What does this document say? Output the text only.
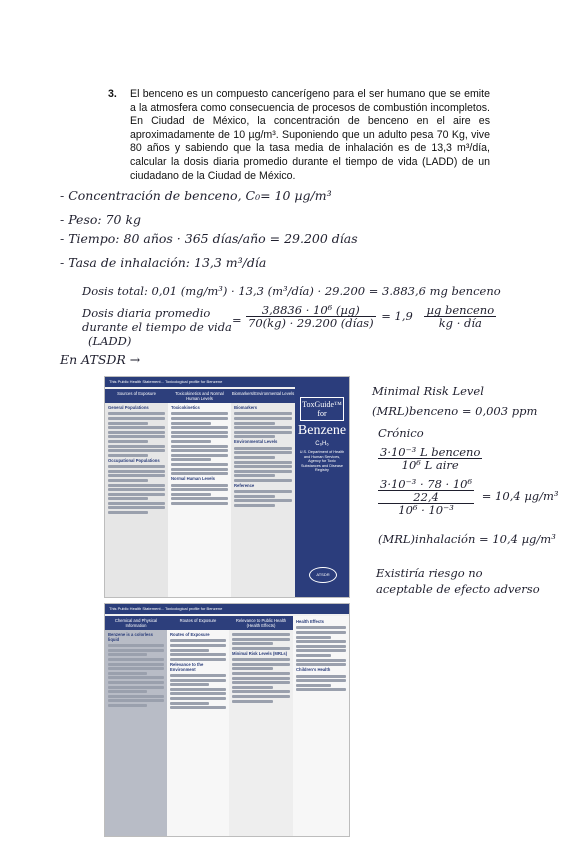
3. El benceno es un compuesto cancerígeno para el ser humano que se emite a la atmosfera como consecuencia de procesos de combustión incompletos. En Ciudad de México, la concentración de benceno en el aire es aproximadamente de 10 µg/m³. Suponiendo que un adulto pesa 70 Kg, vive 80 años y sabiendo que la tasa media de inhalación es de 13,3 m³/día, calcular la dosis diaria promedio durante el tiempo de vida (LADD) de un ciudadano de la Ciudad de México.
- Concentración de benceno, C₀= 10 µg/m³
- Peso: 70 kg
- Tiempo: 80 años · 365 días/año = 29.200 días
- Tasa de inhalación: 13,3 m³/día
Dosis total: 0,01 (mg/m³) · 13,3 (m³/día) · 29.200 = 3.883,6 mg benceno
Dosis diaria promedio
durante el tiempo de vida
(LADD)
= $\frac{\text{3,8836 · 10⁶ (µg)}}{\text{70(kg) · 29.200 (días)}} = 1,9 \frac{\text{µg benceno}}{\text{kg · día}}$
En ATSDR →
This Public Health Statement... Toxicological profile for Benzene
Sources of Exposure
General Populations
Occupational Populations
Toxicokinetics and Normal Human Levels
Toxicokinetics
Normal Human Levels
Biomarkers/Environmental Levels
Biomarkers
Environmental Levels
Reference
ToxGuide™ for
Benzene
C₆H₆
U.S. Department of Health and Human Services, Agency for Toxic Substances and Disease Registry
ATSDR
Minimal Risk Level
(MRL)benceno = 0,003 ppm
Crónico
$\frac{\text{3·10⁻³ L benceno}}{\text{10⁶ L aire}}$
3·10⁻³ · 78 · 10⁶
22,4
10⁶ · 10⁻³
= 10,4 µg/m³
(MRL)inhalación = 10,4 µg/m³
Existiría riesgo no
aceptable de efecto adverso
This Public Health Statement... Toxicological profile for Benzene
Chemical and Physical Information
Benzene is a colorless liquid
Routes of Exposure
Routes of Exposure
Relevance to the Environment
Relevance to Public Health (Health Effects)
Minimal Risk Levels (MRLs)
Health Effects
Children's Health
